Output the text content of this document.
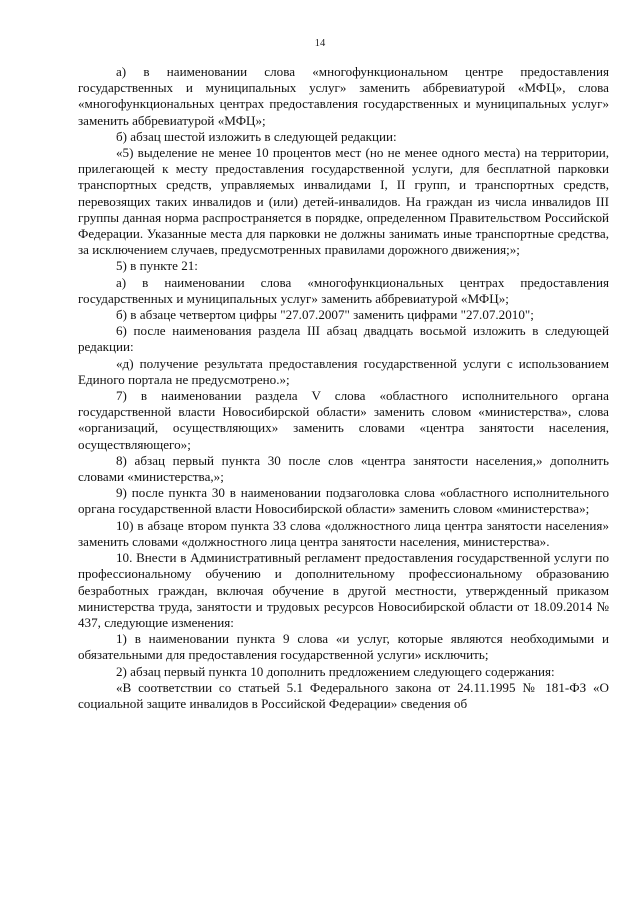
14

а) в наименовании слова «многофункциональном центре предоставления государственных и муниципальных услуг» заменить аббревиатурой «МФЦ», слова «многофункциональных центрах предоставления государственных и муниципальных услуг» заменить аббревиатурой «МФЦ»;

б) абзац шестой изложить в следующей редакции:

«5) выделение не менее 10 процентов мест (но не менее одного места) на территории, прилегающей к месту предоставления государственной услуги, для бесплатной парковки транспортных средств, управляемых инвалидами I, II групп, и транспортных средств, перевозящих таких инвалидов и (или) детей-инвалидов. На граждан из числа инвалидов III группы данная норма распространяется в порядке, определенном Правительством Российской Федерации. Указанные места для парковки не должны занимать иные транспортные средства, за исключением случаев, предусмотренных правилами дорожного движения;»;

5) в пункте 21:

а) в наименовании слова «многофункциональных центрах предоставления государственных и муниципальных услуг» заменить аббревиатурой «МФЦ»;

б) в абзаце четвертом цифры "27.07.2007" заменить цифрами "27.07.2010";

6) после наименования раздела III абзац двадцать восьмой изложить в следующей редакции:

«д) получение результата предоставления государственной услуги с использованием Единого портала не предусмотрено.»;

7) в наименовании раздела V слова «областного исполнительного органа государственной власти Новосибирской области» заменить словом «министерства», слова «организаций, осуществляющих» заменить словами «центра занятости населения, осуществляющего»;

8) абзац первый пункта 30 после слов «центра занятости населения,» дополнить словами «министерства,»;

9) после пункта 30 в наименовании подзаголовка слова «областного исполнительного органа государственной власти Новосибирской области» заменить словом «министерства»;

10) в абзаце втором пункта 33 слова «должностного лица центра занятости населения» заменить словами «должностного лица центра занятости населения, министерства».

10. Внести в Административный регламент предоставления государственной услуги по профессиональному обучению и дополнительному профессиональному образованию безработных граждан, включая обучение в другой местности, утвержденный приказом министерства труда, занятости и трудовых ресурсов Новосибирской области от 18.09.2014 № 437, следующие изменения:

1) в наименовании пункта 9 слова «и услуг, которые являются необходимыми и обязательными для предоставления государственной услуги» исключить;

2) абзац первый пункта 10 дополнить предложением следующего содержания:

«В соответствии со статьей 5.1 Федерального закона от 24.11.1995 № 181-ФЗ «О социальной защите инвалидов в Российской Федерации» сведения об
